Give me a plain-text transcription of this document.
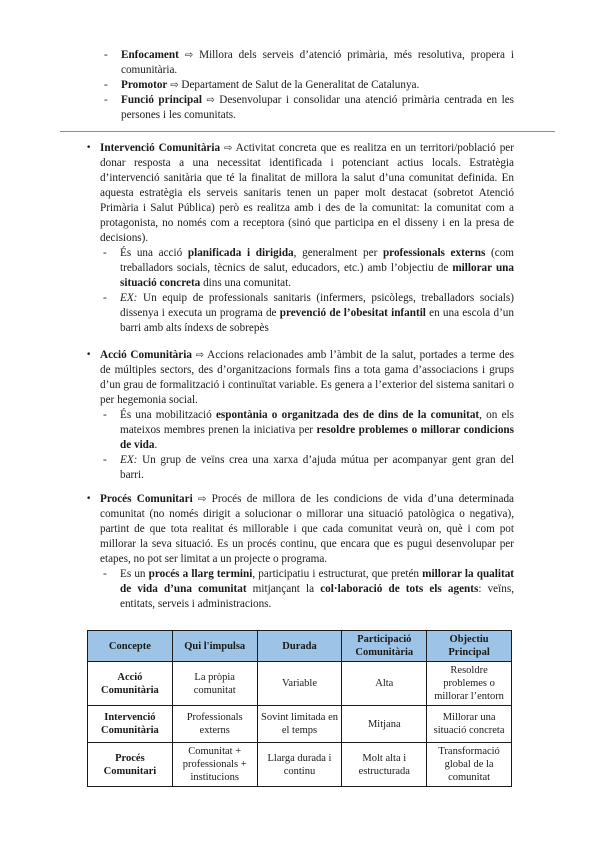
- Enfocament ⇨ Millora dels serveis d’atenció primària, més resolutiva, propera i comunitària.
- Promotor ⇨ Departament de Salut de la Generalitat de Catalunya.
- Funció principal ⇨ Desenvolupar i consolidar una atenció primària centrada en les persones i les comunitats.
• Intervenció Comunitària ⇨ Activitat concreta que es realitza en un territori/població per donar resposta a una necessitat identificada i potenciant actius locals. Estratègia d’intervenció sanitària que té la finalitat de millora la salut d’una comunitat definida. En aquesta estratègia els serveis sanitaris tenen un paper molt destacat (sobretot Atenció Primària i Salut Pública) però es realitza amb i des de la comunitat: la comunitat com a protagonista, no només com a receptora (sinó que participa en el disseny i en la presa de decisions).
- És una acció planificada i dirigida, generalment per professionals externs (com treballadors socials, tècnics de salut, educadors, etc.) amb l’objectiu de millorar una situació concreta dins una comunitat.
- EX: Un equip de professionals sanitaris (infermers, psicòlegs, treballadors socials) dissenya i executa un programa de prevenció de l’obesitat infantil en una escola d’un barri amb alts índexs de sobrepès
• Acció Comunitària ⇨ Accions relacionades amb l’àmbit de la salut, portades a terme des de múltiples sectors, des d’organitzacions formals fins a tota gama d’associacions i grups d’un grau de formalització i continuïtat variable. Es genera a l’exterior del sistema sanitari o per hegemonia social.
- És una mobilització espontània o organitzada des de dins de la comunitat, on els mateixos membres prenen la iniciativa per resoldre problemes o millorar condicions de vida.
- EX: Un grup de veïns crea una xarxa d’ajuda mútua per acompanyar gent gran del barri.
• Procés Comunitari ⇨ Procés de millora de les condicions de vida d’una determinada comunitat (no només dirigit a solucionar o millorar una situació patològica o negativa), partint de que tota realitat és millorable i que cada comunitat veurà on, què i com pot millorar la seva situació. Es un procés continu, que encara que es pugui desenvolupar per etapes, no pot ser limitat a un projecte o programa.
- Es un procés a llarg termini, participatiu i estructurat, que pretén millorar la qualitat de vida d’una comunitat mitjançant la col·laboració de tots els agents: veïns, entitats, serveis i administracions.
Concepte	Qui l'impulsa	Durada	Participació Comunitària	Objectiu Principal
Acció Comunitària	La pròpia comunitat	Variable	Alta	Resoldre problemes o millorar l’entorn
Intervenció Comunitària	Professionals externs	Sovint limitada en el temps	Mitjana	Millorar una situació concreta
Procés Comunitari	Comunitat + professionals + institucions	Llarga durada i continu	Molt alta i estructurada	Transformació global de la comunitat
